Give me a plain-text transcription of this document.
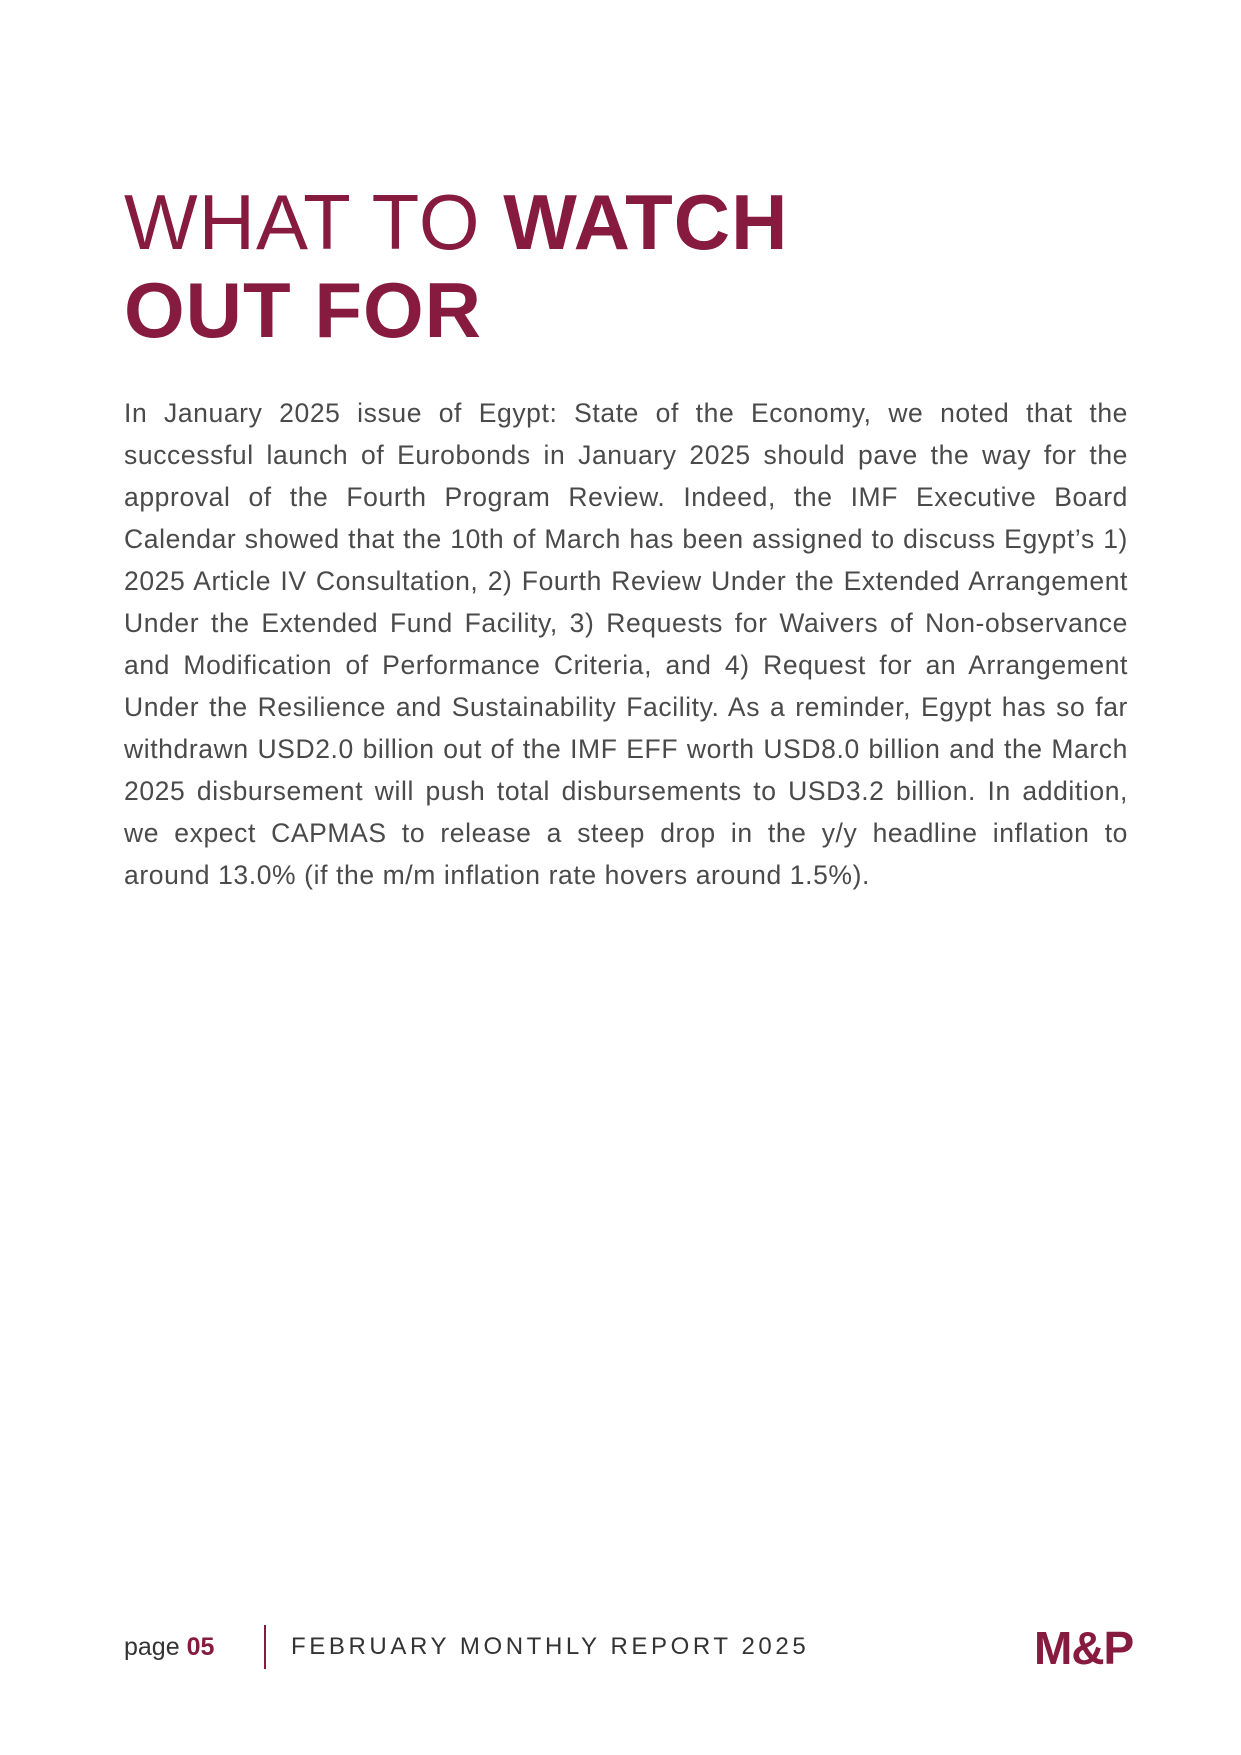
WHAT TO WATCH
OUT FOR

In January 2025 issue of Egypt: State of the Economy, we noted that the successful launch of Eurobonds in January 2025 should pave the way for the approval of the Fourth Program Review. Indeed, the IMF Executive Board Calendar showed that the 10th of March has been assigned to discuss Egypt’s 1) 2025 Article IV Consultation, 2) Fourth Review Under the Extended Arrangement Under the Extended Fund Facility, 3) Requests for Waivers of Non-observance and Modification of Performance Criteria, and 4) Request for an Arrangement Under the Resilience and Sustainability Facility. As a reminder, Egypt has so far withdrawn USD2.0 billion out of the IMF EFF worth USD8.0 billion and the March 2025 disbursement will push total disbursements to USD3.2 billion. In addition, we expect CAPMAS to release a steep drop in the y/y headline inflation to around 13.0% (if the m/m inflation rate hovers around 1.5%).

page 05	FEBRUARY MONTHLY REPORT 2025	M&P
